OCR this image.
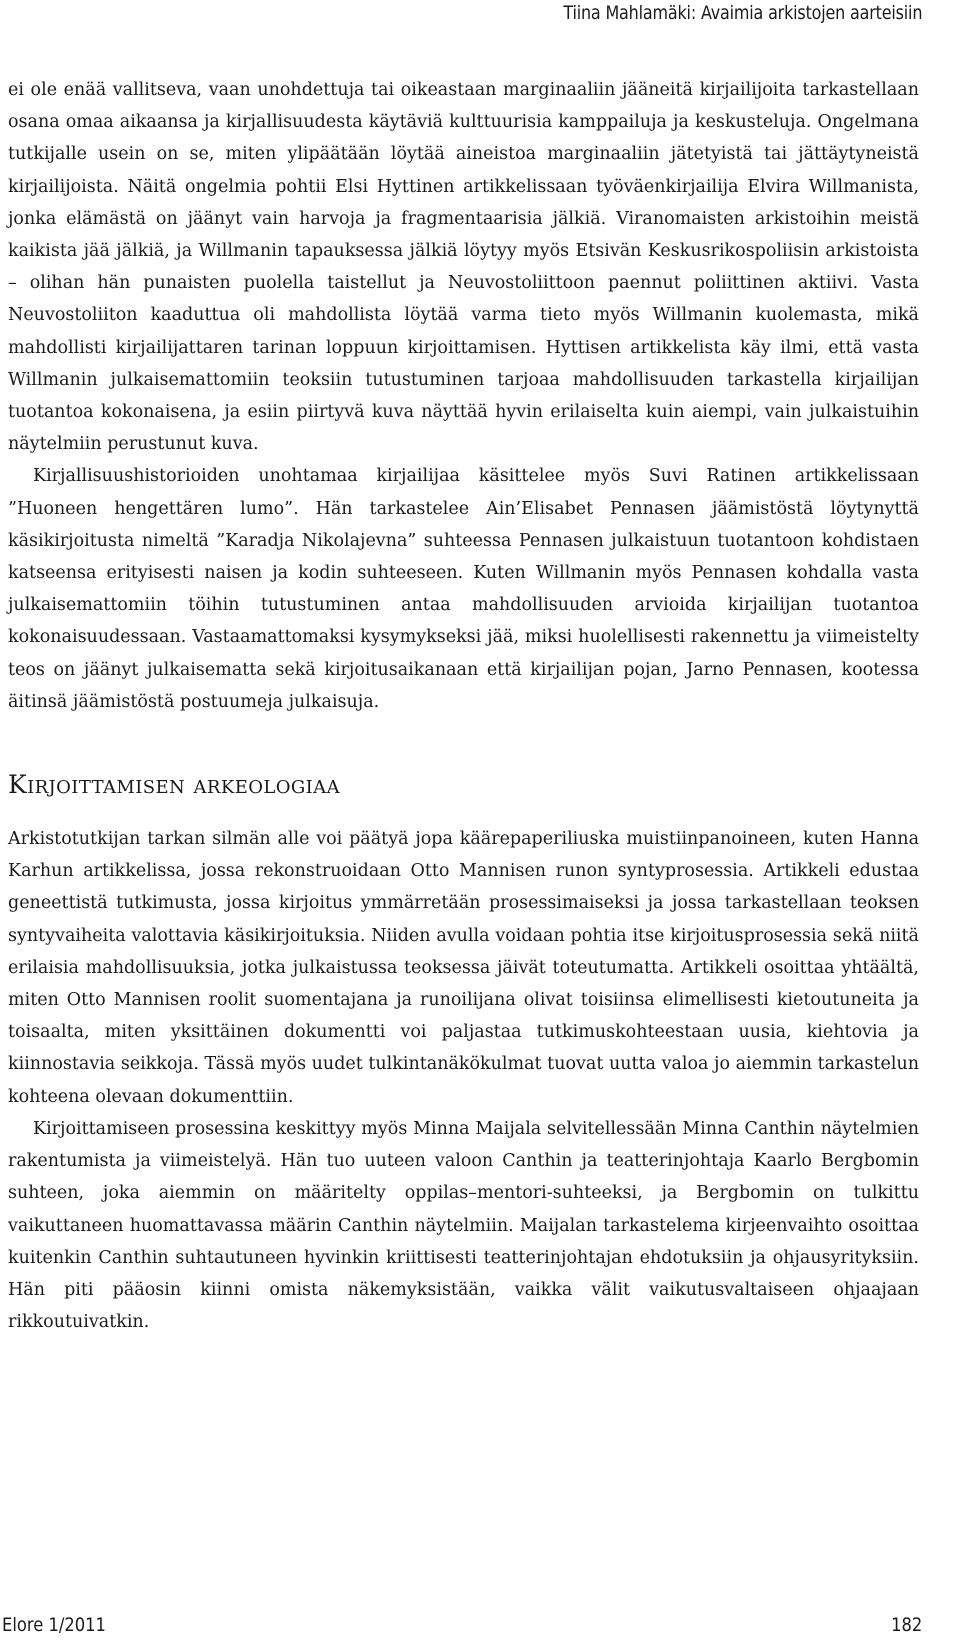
Tiina Mahlamäki: Avaimia arkistojen aarteisiin

ei ole enää vallitseva, vaan unohdettuja tai oikeastaan marginaaliin jääneitä kirjailijoita tarkastellaan osana omaa aikaansa ja kirjallisuudesta käytäviä kulttuurisia kamppailuja ja keskusteluja. Ongelmana tutkijalle usein on se, miten ylipäätään löytää aineistoa marginaaliin jätetyistä tai jättäytyneistä kirjailijoista. Näitä ongelmia pohtii Elsi Hyttinen artikkelissaan työväenkirjailija Elvira Willmanista, jonka elämästä on jäänyt vain harvoja ja fragmentaarisia jälkiä. Viranomaisten arkistoihin meistä kaikista jää jälkiä, ja Willmanin tapauksessa jälkiä löytyy myös Etsivän Keskusrikospoliisin arkistoista – olihan hän punaisten puolella taistellut ja Neuvostoliittoon paennut poliittinen aktiivi. Vasta Neuvostoliiton kaaduttua oli mahdollista löytää varma tieto myös Willmanin kuolemasta, mikä mahdollisti kirjailijattaren tarinan loppuun kirjoittamisen. Hyttisen artikkelista käy ilmi, että vasta Willmanin julkaisemattomiin teoksiin tutustuminen tarjoaa mahdollisuuden tarkastella kirjailijan tuotantoa kokonaisena, ja esiin piirtyvä kuva näyttää hyvin erilaiselta kuin aiempi, vain julkaistuihin näytelmiin perustunut kuva.

Kirjallisuushistorioiden unohtamaa kirjailijaa käsittelee myös Suvi Ratinen artikkelissaan ”Huoneen hengettären lumo”. Hän tarkastelee Ain’Elisabet Pennasen jäämistöstä löytynyttä käsikirjoitusta nimeltä ”Karadja Nikolajevna” suhteessa Pennasen julkaistuun tuotantoon kohdistaen katseensa erityisesti naisen ja kodin suhteeseen. Kuten Willmanin myös Pennasen kohdalla vasta julkaisemattomiin töihin tutustuminen antaa mahdollisuuden arvioida kirjailijan tuotantoa kokonaisuudessaan. Vastaamattomaksi kysymykseksi jää, miksi huolellisesti rakennettu ja viimeistelty teos on jäänyt julkaisematta sekä kirjoitusaikanaan että kirjailijan pojan, Jarno Pennasen, kootessa äitinsä jäämistöstä postuumeja julkaisuja.

Kirjoittamisen arkeologiaa

Arkistotutkijan tarkan silmän alle voi päätyä jopa käärepaperiliuska muistiinpanoineen, kuten Hanna Karhun artikkelissa, jossa rekonstruoidaan Otto Mannisen runon syntyprosessia. Artikkeli edustaa geneettistä tutkimusta, jossa kirjoitus ymmärretään prosessimaiseksi ja jossa tarkastellaan teoksen syntyvaiheita valottavia käsikirjoituksia. Niiden avulla voidaan pohtia itse kirjoitusprosessia sekä niitä erilaisia mahdollisuuksia, jotka julkaistussa teoksessa jäivät toteutumatta. Artikkeli osoittaa yhtäältä, miten Otto Mannisen roolit suomentajana ja runoilijana olivat toisiinsa elimellisesti kietoutuneita ja toisaalta, miten yksittäinen dokumentti voi paljastaa tutkimuskohteestaan uusia, kiehtovia ja kiinnostavia seikkoja. Tässä myös uudet tulkintanäkökulmat tuovat uutta valoa jo aiemmin tarkastelun kohteena olevaan dokumenttiin.

Kirjoittamiseen prosessina keskittyy myös Minna Maijala selvitellessään Minna Canthin näytelmien rakentumista ja viimeistelyä. Hän tuo uuteen valoon Canthin ja teatterinjohtaja Kaarlo Bergbomin suhteen, joka aiemmin on määritelty oppilas–mentori-suhteeksi, ja Bergbomin on tulkittu vaikuttaneen huomattavassa määrin Canthin näytelmiin. Maijalan tarkastelema kirjeenvaihto osoittaa kuitenkin Canthin suhtautuneen hyvinkin kriittisesti teatterinjohtajan ehdotuksiin ja ohjausyrityksiin. Hän piti pääosin kiinni omista näkemyksistään, vaikka välit vaikutusvaltaiseen ohjaajaan rikkoutuivatkin.

Elore 1/2011	182
